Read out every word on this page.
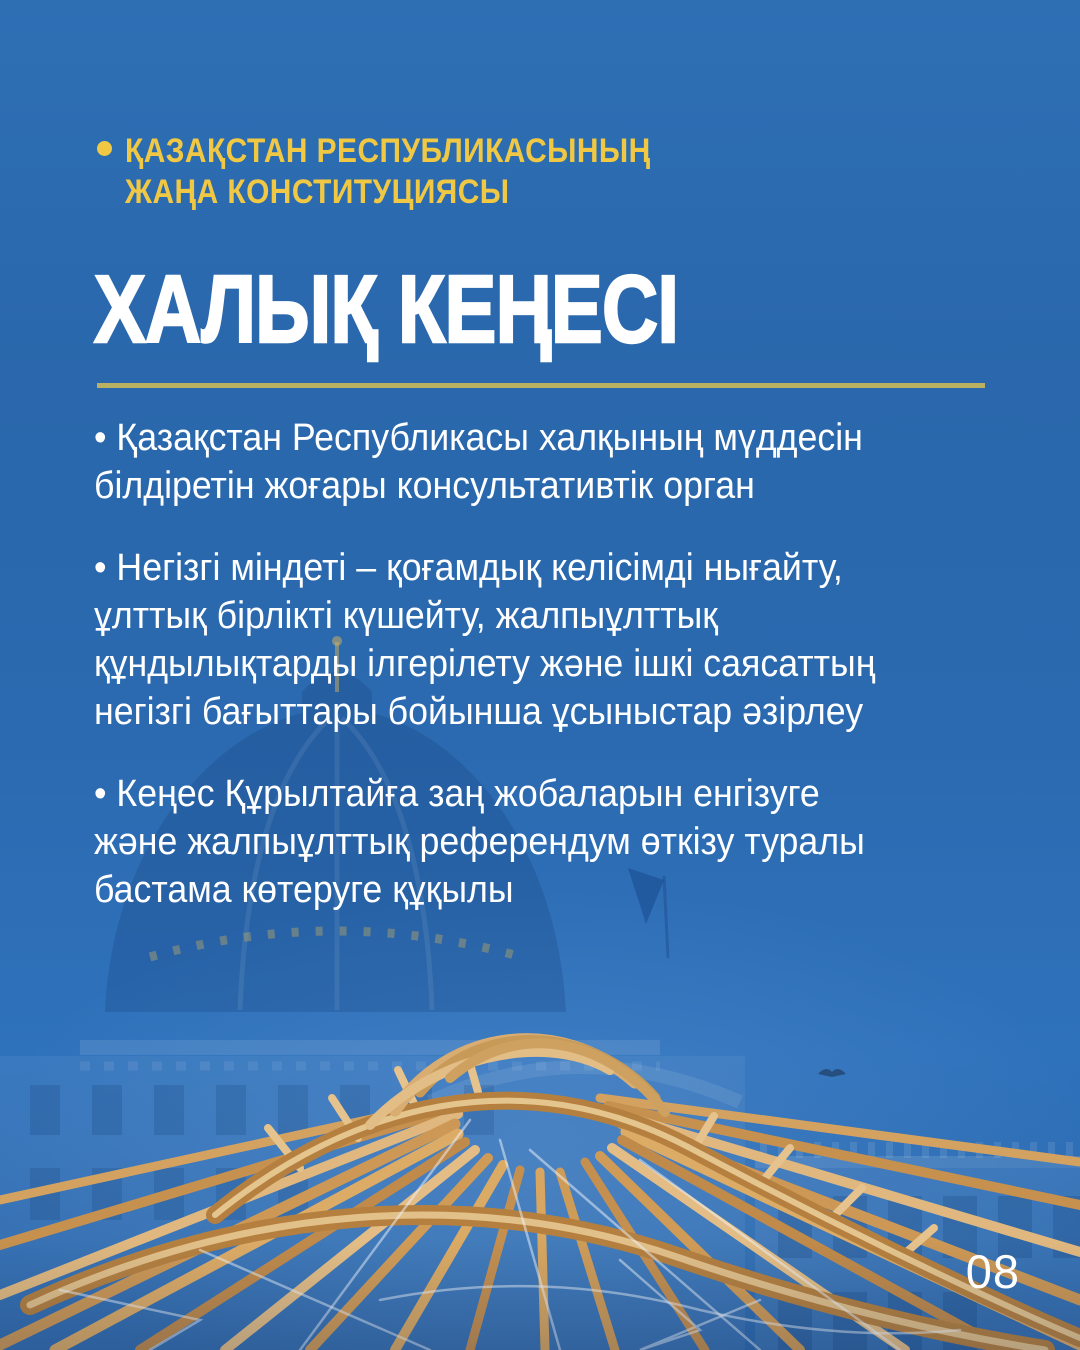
ҚАЗАҚСТАН РЕСПУБЛИКАСЫНЫҢ
ЖАҢА КОНСТИТУЦИЯСЫ
ХАЛЫҚ КЕҢЕСІ

• Қазақстан Республикасы халқының мүддесін
білдіретін жоғары консультативтік орган

• Негізгі міндеті – қоғамдық келісімді нығайту,
ұлттық бірлікті күшейту, жалпыұлттық
құндылықтарды ілгерілету және ішкі саясаттың
негізгі бағыттары бойынша ұсыныстар әзірлеу

• Кеңес Құрылтайға заң жобаларын енгізуге
және жалпыұлттық референдум өткізу туралы
бастама көтеруге құқылы

08
